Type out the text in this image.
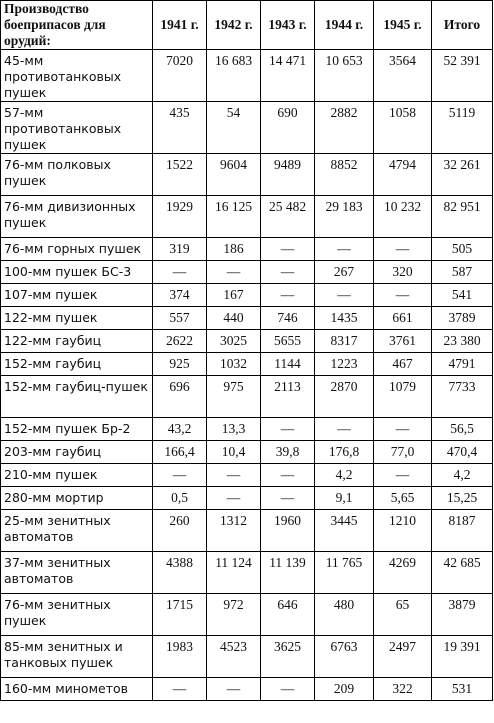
Производство боеприпасов для орудий:	1941 г.	1942 г.	1943 г.	1944 г.	1945 г.	Итого
45-мм противотанковых пушек	7020	16 683	14 471	10 653	3564	52 391
57-мм противотанковых пушек	435	54	690	2882	1058	5119
76-мм полковых пушек	1522	9604	9489	8852	4794	32 261
76-мм дивизионных пушек	1929	16 125	25 482	29 183	10 232	82 951
76-мм горных пушек	319	186	—	—	—	505
100-мм пушек БС-3	—	—	—	267	320	587
107-мм пушек	374	167	—	—	—	541
122-мм пушек	557	440	746	1435	661	3789
122-мм гаубиц	2622	3025	5655	8317	3761	23 380
152-мм гаубиц	925	1032	1144	1223	467	4791
152-мм гаубиц-пушек	696	975	2113	2870	1079	7733
152-мм пушек Бр-2	43,2	13,3	—	—	—	56,5
203-мм гаубиц	166,4	10,4	39,8	176,8	77,0	470,4
210-мм пушек	—	—	—	4,2	—	4,2
280-мм мортир	0,5	—	—	9,1	5,65	15,25
25-мм зенитных автоматов	260	1312	1960	3445	1210	8187
37-мм зенитных автоматов	4388	11 124	11 139	11 765	4269	42 685
76-мм зенитных пушек	1715	972	646	480	65	3879
85-мм зенитных и танковых пушек	1983	4523	3625	6763	2497	19 391
160-мм минометов	—	—	—	209	322	531
